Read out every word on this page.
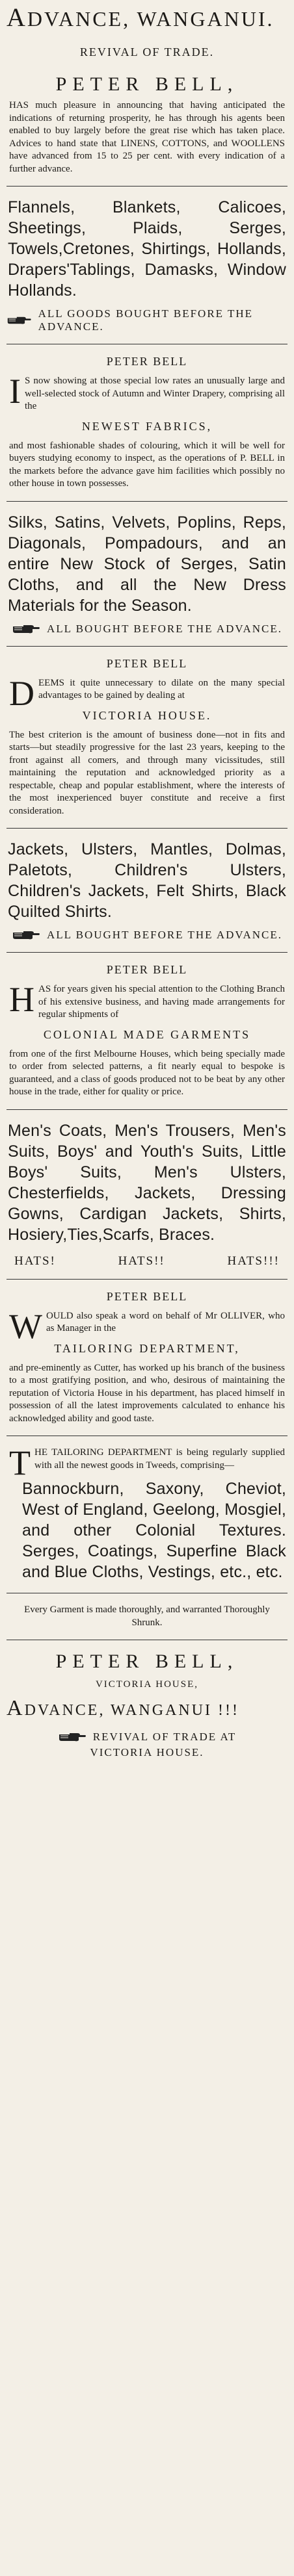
ADVANCE, WANGANUI.
REVIVAL OF TRADE.
PETER BELL,
HAS much pleasure in announcing that having anticipated the indications of returning prosperity, he has through his agents been enabled to buy largely before the great rise which has taken place. Advices to hand state that LINENS, COTTONS, and WOOLLENS have advanced from 15 to 25 per cent. with every indication of a further advance.
Flannels, Blankets, Calicoes, Sheetings, Plaids, Serges, Towels,Cretones, Shirtings, Hollands, Drapers'Tablings, Damasks, Window Hollands.
ALL GOODS BOUGHT BEFORE THE ADVANCE.
PETER BELL
I S now showing at those special low rates an unusually large and well-selected stock of Autumn and Winter Drapery, comprising all the
NEWEST FABRICS,
and most fashionable shades of colouring, which it will be well for buyers studying economy to inspect, as the operations of P. BELL in the markets before the advance gave him facilities which possibly no other house in town possesses.
Silks, Satins, Velvets, Poplins, Reps, Diagonals, Pompadours, and an entire New Stock of Serges, Satin Cloths, and all the New Dress Materials for the Season.
ALL BOUGHT BEFORE THE ADVANCE.
PETER BELL
DEEMS it quite unnecessary to dilate on the many special advantages to be gained by dealing at
VICTORIA HOUSE.
The best criterion is the amount of business done—not in fits and starts—but steadily progressive for the last 23 years, keeping to the front against all comers, and through many vicissitudes, still maintaining the reputation and acknowledged priority as a respectable, cheap and popular establishment, where the interests of the most inexperienced buyer constitute and receive a first consideration.
Jackets, Ulsters, Mantles, Dolmas, Paletots, Children's Ulsters, Children's Jackets, Felt Shirts, Black Quilted Shirts.
ALL BOUGHT BEFORE THE ADVANCE.
PETER BELL
HAS for years given his special attention to the Clothing Branch of his extensive business, and having made arrangements for regular shipments of
COLONIAL MADE GARMENTS
from one of the first Melbourne Houses, which being specially made to order from selected patterns, a fit nearly equal to bespoke is guaranteed, and a class of goods produced not to be beat by any other house in the trade, either for quality or price.
Men's Coats, Men's Trousers, Men's Suits, Boys' and Youth's Suits, Little Boys' Suits, Men's Ulsters, Chesterfields, Jackets, Dressing Gowns, Cardigan Jackets, Shirts, Hosiery,Ties,Scarfs, Braces.
HATS!	HATS!!	HATS!!!
PETER BELL
WOULD also speak a word on behalf of Mr OLLIVER, who as Manager in the
TAILORING DEPARTMENT,
and pre-eminently as Cutter, has worked up his branch of the business to a most gratifying position, and who, desirous of maintaining the reputation of Victoria House in his department, has placed himself in possession of all the latest improvements calculated to enhance his acknowledged ability and good taste.
THE TAILORING DEPARTMENT is being regularly supplied with all the newest goods in Tweeds, comprising—
Bannockburn, Saxony, Cheviot, West of England, Geelong, Mosgiel, and other Colonial Textures. Serges, Coatings, Superfine Black and Blue Cloths, Vestings, etc., etc.
Every Garment is made thoroughly, and warranted Thoroughly Shrunk.
PETER BELL,
VICTORIA HOUSE,
ADVANCE, WANGANUI !!!
REVIVAL OF TRADE AT
VICTORIA HOUSE.
